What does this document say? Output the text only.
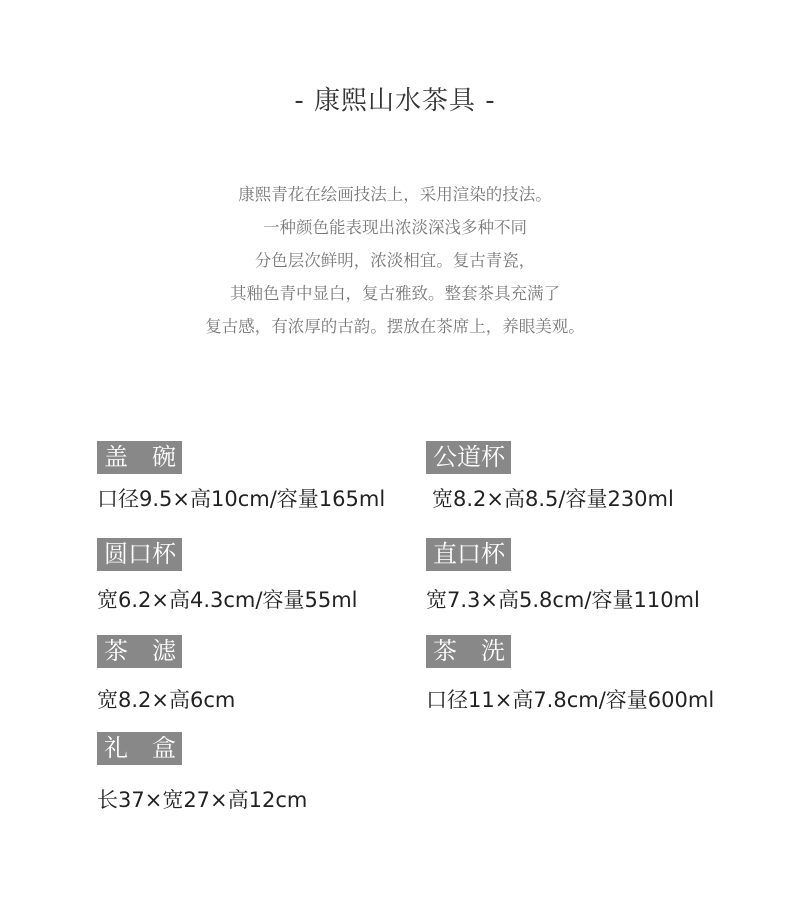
- 康熙山水茶具 -
康熙青花在绘画技法上，采用渲染的技法。
一种颜色能表现出浓淡深浅多种不同
分色层次鲜明，浓淡相宜。复古青瓷，
其釉色青中显白，复古雅致。整套茶具充满了
复古感，有浓厚的古韵。摆放在茶席上，养眼美观。
盖　碗
口径9.5×高10cm/容量165ml
公道杯
宽8.2×高8.5/容量230ml
圆口杯
宽6.2×高4.3cm/容量55ml
直口杯
宽7.3×高5.8cm/容量110ml
茶　滤
宽8.2×高6cm
茶　洗
口径11×高7.8cm/容量600ml
礼　盒
长37×宽27×高12cm
